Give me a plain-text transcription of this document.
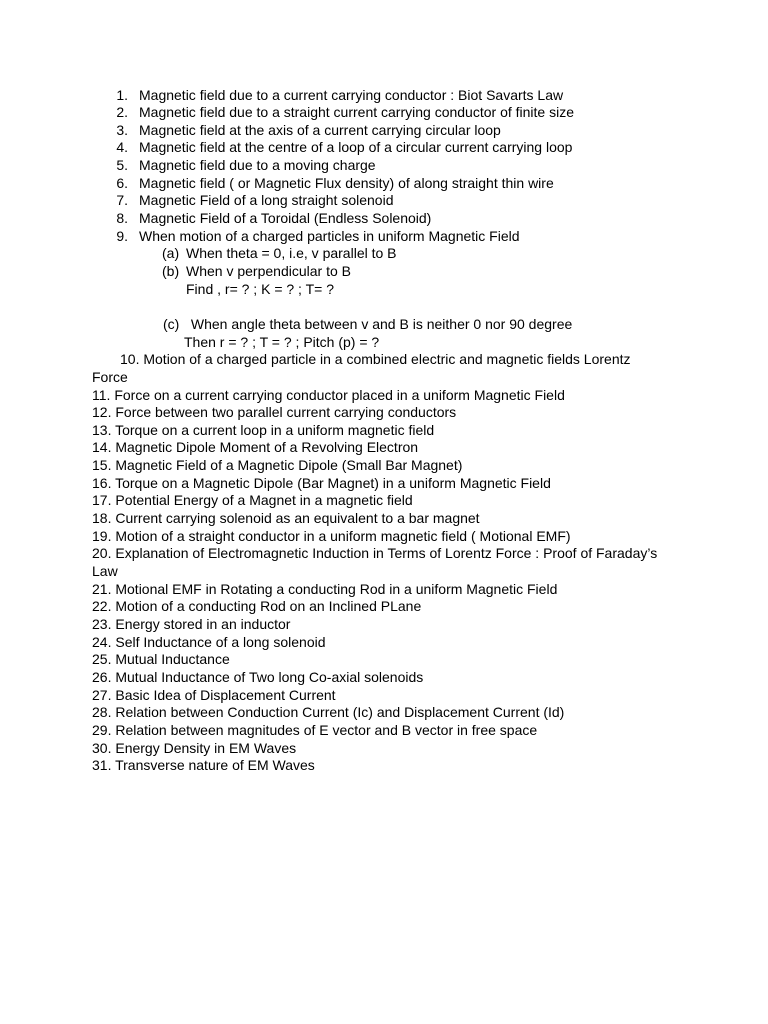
1. Magnetic field due to a current carrying conductor : Biot Savarts Law
2. Magnetic field due to a straight current carrying conductor of finite size
3. Magnetic field at the axis of a current carrying circular loop
4. Magnetic field at the centre of a loop of a circular current carrying loop
5. Magnetic field due to a moving charge
6. Magnetic field ( or Magnetic Flux density) of along straight thin wire
7. Magnetic Field of a long straight solenoid
8. Magnetic Field of a Toroidal (Endless Solenoid)
9. When motion of a charged particles in uniform Magnetic Field
(a) When theta = 0, i.e, v parallel to B
(b) When v perpendicular to B
Find , r= ? ; K = ? ; T= ?
(c) When angle theta between v and B is neither 0 nor 90 degree
Then r = ? ; T = ? ; Pitch (p) = ?
10. Motion of a charged particle in a combined electric and magnetic fields Lorentz
Force
11. Force on a current carrying conductor placed in a uniform Magnetic Field
12. Force between two parallel current carrying conductors
13. Torque on a current loop in a uniform magnetic field
14. Magnetic Dipole Moment of a Revolving Electron
15. Magnetic Field of a Magnetic Dipole (Small Bar Magnet)
16. Torque on a Magnetic Dipole (Bar Magnet) in a uniform Magnetic Field
17. Potential Energy of a Magnet in a magnetic field
18. Current carrying solenoid as an equivalent to a bar magnet
19. Motion of a straight conductor in a uniform magnetic field ( Motional EMF)
20. Explanation of Electromagnetic Induction in Terms of Lorentz Force : Proof of Faraday’s
Law
21. Motional EMF in Rotating a conducting Rod in a uniform Magnetic Field
22. Motion of a conducting Rod on an Inclined PLane
23. Energy stored in an inductor
24. Self Inductance of a long solenoid
25. Mutual Inductance
26. Mutual Inductance of Two long Co-axial solenoids
27. Basic Idea of Displacement Current
28. Relation between Conduction Current (Ic) and Displacement Current (Id)
29. Relation between magnitudes of E vector and B vector in free space
30. Energy Density in EM Waves
31. Transverse nature of EM Waves
